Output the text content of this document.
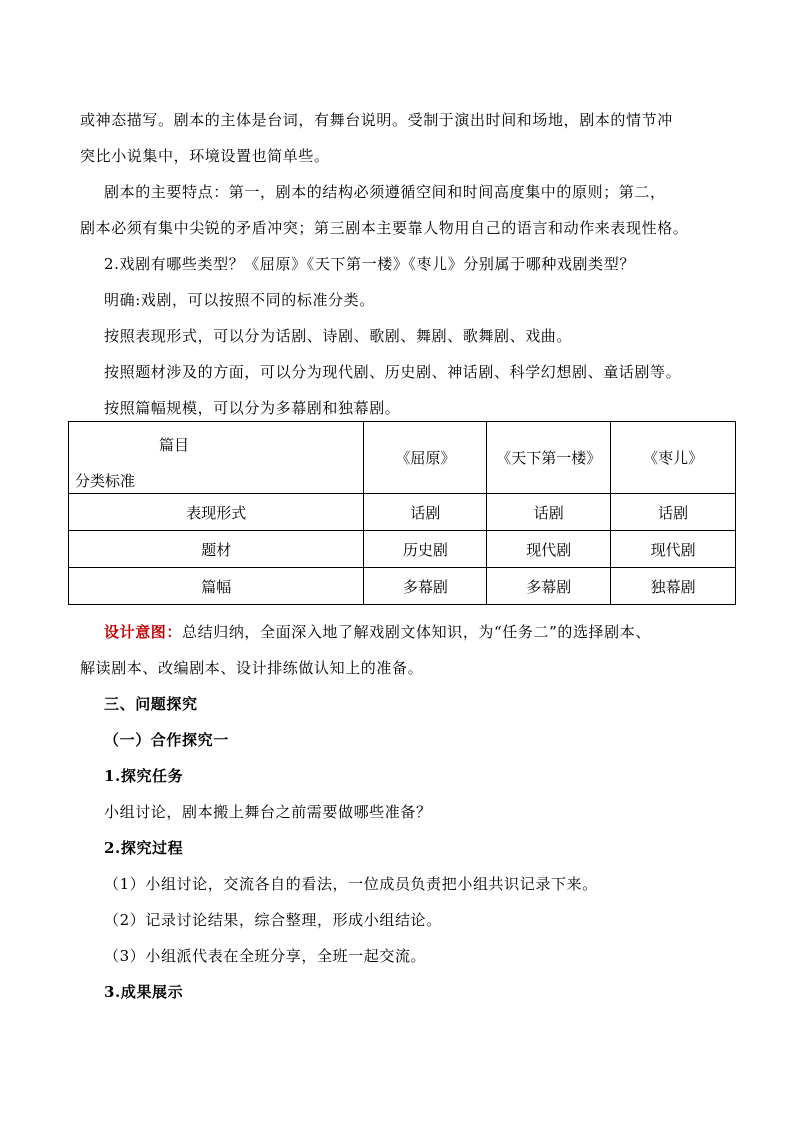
或神态描写。剧本的主体是台词，有舞台说明。受制于演出时间和场地，剧本的情节冲
突比小说集中，环境设置也简单些。
剧本的主要特点：第一，剧本的结构必须遵循空间和时间高度集中的原则；第二，
剧本必须有集中尖锐的矛盾冲突；第三剧本主要靠人物用自己的语言和动作来表现性格。
2.戏剧有哪些类型？《屈原》《天下第一楼》《枣儿》分别属于哪种戏剧类型？
明确:戏剧，可以按照不同的标准分类。
按照表现形式，可以分为话剧、诗剧、歌剧、舞剧、歌舞剧、戏曲。
按照题材涉及的方面，可以分为现代剧、历史剧、神话剧、科学幻想剧、童话剧等。
按照篇幅规模，可以分为多幕剧和独幕剧。
篇目
分类标准	《屈原》	《天下第一楼》	《枣儿》
表现形式	话剧	话剧	话剧
题材	历史剧	现代剧	现代剧
篇幅	多幕剧	多幕剧	独幕剧
设计意图：总结归纳，全面深入地了解戏剧文体知识，为“任务二”的选择剧本、
解读剧本、改编剧本、设计排练做认知上的准备。
三、问题探究
（一）合作探究一
1.探究任务
小组讨论，剧本搬上舞台之前需要做哪些准备？
2.探究过程
（1）小组讨论，交流各自的看法，一位成员负责把小组共识记录下来。
（2）记录讨论结果，综合整理，形成小组结论。
（3）小组派代表在全班分享，全班一起交流。
3.成果展示
